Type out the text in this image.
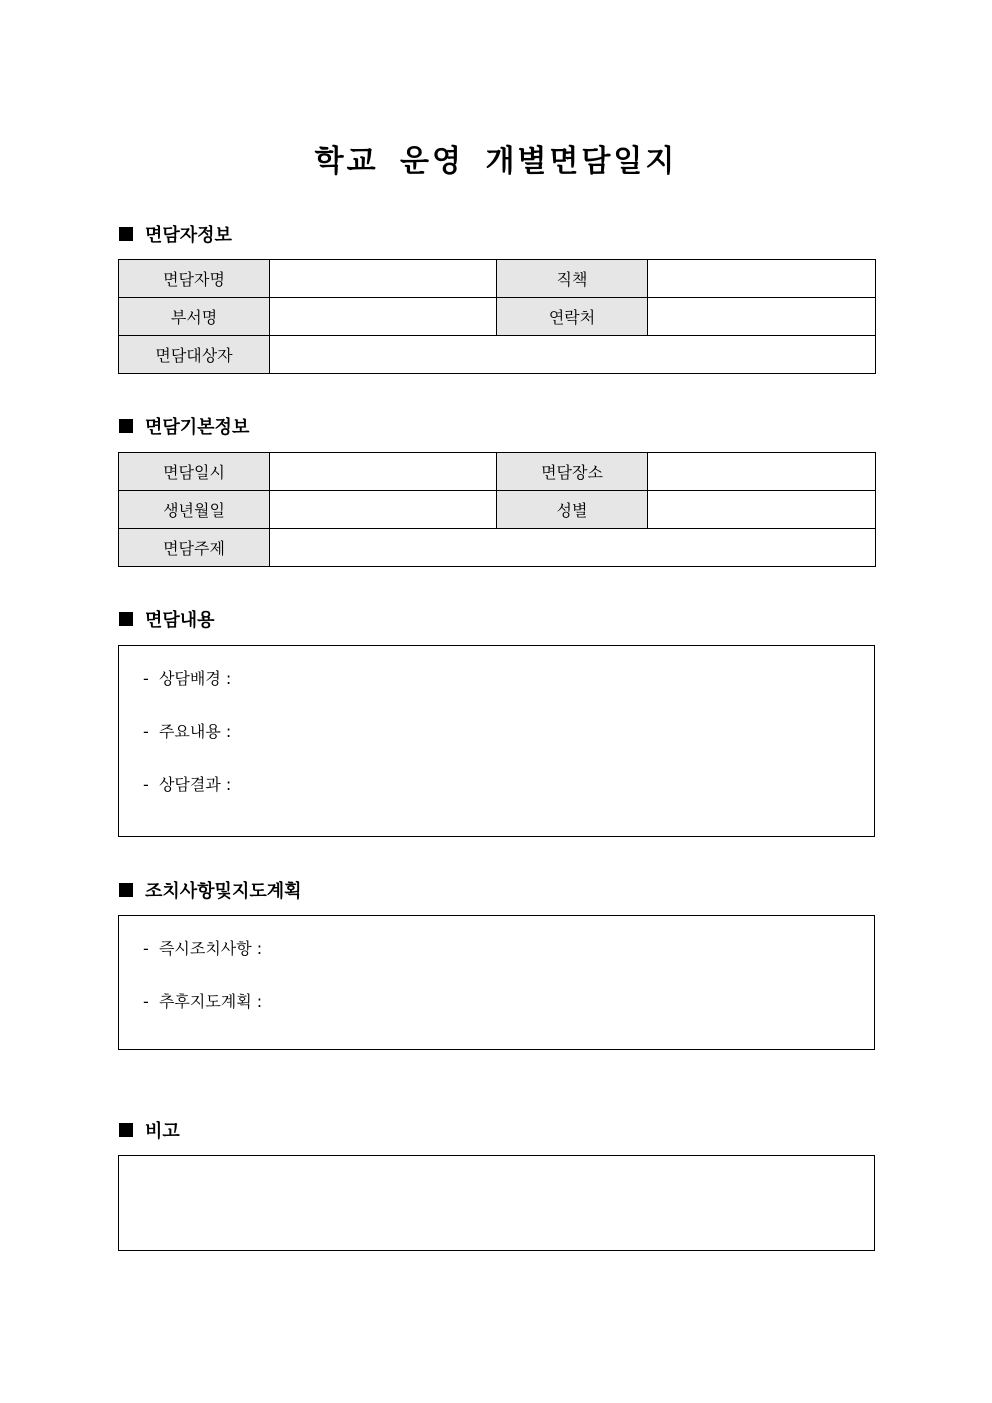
학교 운영 개별면담일지
면담자정보
면담자명		직책	
부서명		연락처	
면담대상자			
면담기본정보
면담일시		면담장소	
생년월일		성별	
면담주제			
면담내용
-  상담배경 :
-  주요내용 :
-  상담결과 :
조치사항및지도계획
-  즉시조치사항 :
-  추후지도계획 :
비고
